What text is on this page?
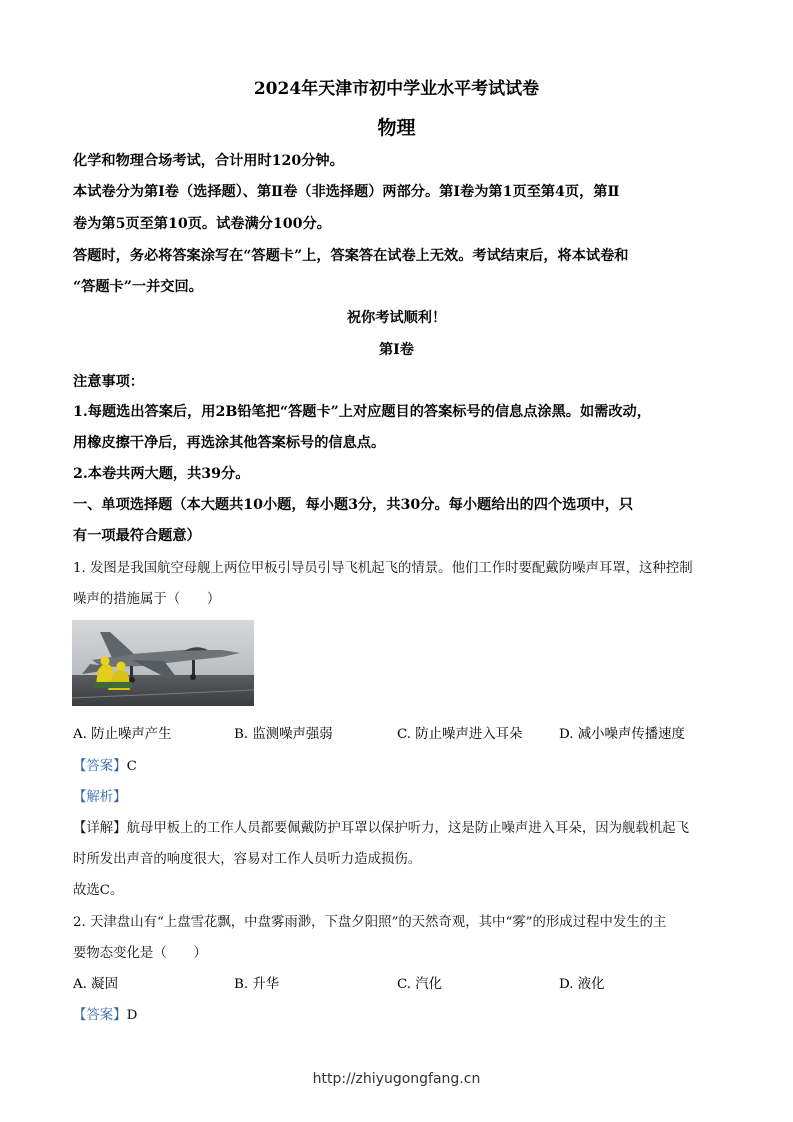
2024年天津市初中学业水平考试试卷
物理
化学和物理合场考试，合计用时120分钟。
本试卷分为第Ⅰ卷（选择题）、第Ⅱ卷（非选择题）两部分。第Ⅰ卷为第1页至第4页，第Ⅱ
卷为第5页至第10页。试卷满分100分。
答题时，务必将答案涂写在“答题卡”上，答案答在试卷上无效。考试结束后，将本试卷和
“答题卡”一并交回。
祝你考试顺利！
第Ⅰ卷
注意事项：
1.每题选出答案后，用2B铅笔把“答题卡”上对应题目的答案标号的信息点涂黑。如需改动，
用橡皮擦干净后，再选涂其他答案标号的信息点。
2.本卷共两大题，共39分。
一、单项选择题（本大题共10小题，每小题3分，共30分。每小题给出的四个选项中，只
有一项最符合题意）
1. 发图是我国航空母舰上两位甲板引导员引导飞机起飞的情景。他们工作时要配戴防噪声耳罩，这种控制
噪声的措施属于（　　）
A. 防止噪声产生	B. 监测噪声强弱	C. 防止噪声进入耳朵	D. 减小噪声传播速度
【答案】C
【解析】
【详解】航母甲板上的工作人员都要佩戴防护耳罩以保护听力，这是防止噪声进入耳朵，因为舰载机起飞
时所发出声音的响度很大，容易对工作人员听力造成损伤。
故选C。
2. 天津盘山有“上盘雪花飘，中盘雾雨渺，下盘夕阳照”的天然奇观，其中“雾”的形成过程中发生的主
要物态变化是（　　）
A. 凝固	B. 升华	C. 汽化	D. 液化
【答案】D
http://zhiyugongfang.cn
